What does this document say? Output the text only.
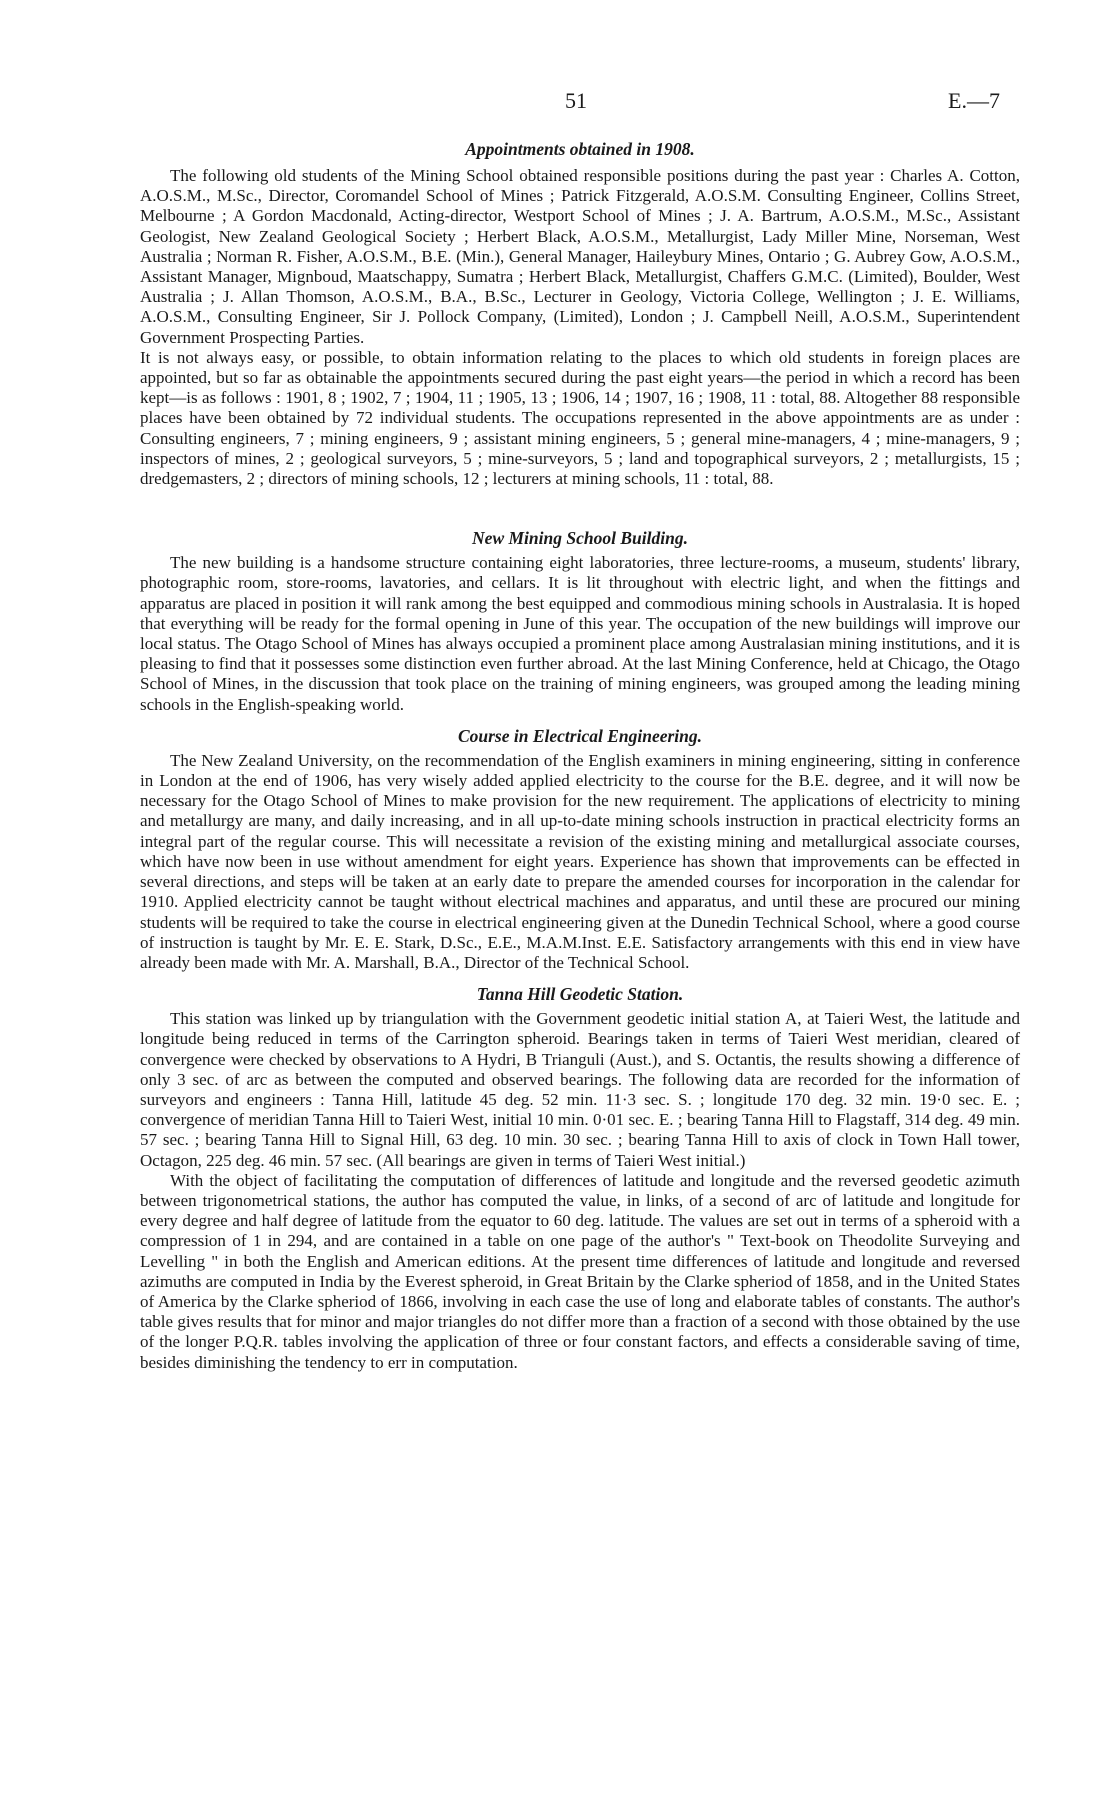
51	E.—7
Appointments obtained in 1908.

The following old students of the Mining School obtained responsible positions during the past year : Charles A. Cotton, A.O.S.M., M.Sc., Director, Coromandel School of Mines ; Patrick Fitzgerald, A.O.S.M. Consulting Engineer, Collins Street, Melbourne ; A Gordon Macdonald, Acting-director, Westport School of Mines ; J. A. Bartrum, A.O.S.M., M.Sc., Assistant Geologist, New Zealand Geological Society ; Herbert Black, A.O.S.M., Metallurgist, Lady Miller Mine, Norseman, West Australia ; Norman R. Fisher, A.O.S.M., B.E. (Min.), General Manager, Haileybury Mines, Ontario ; G. Aubrey Gow, A.O.S.M., Assistant Manager, Mignboud, Maatschappy, Sumatra ; Herbert Black, Metallurgist, Chaffers G.M.C. (Limited), Boulder, West Australia ; J. Allan Thomson, A.O.S.M., B.A., B.Sc., Lecturer in Geology, Victoria College, Wellington ; J. E. Williams, A.O.S.M., Consulting Engineer, Sir J. Pollock Company, (Limited), London ; J. Campbell Neill, A.O.S.M., Superintendent Government Prospecting Parties.

It is not always easy, or possible, to obtain information relating to the places to which old students in foreign places are appointed, but so far as obtainable the appointments secured during the past eight years—the period in which a record has been kept—is as follows : 1901, 8 ; 1902, 7 ; 1904, 11 ; 1905, 13 ; 1906, 14 ; 1907, 16 ; 1908, 11 : total, 88. Altogether 88 responsible places have been obtained by 72 individual students. The occupations represented in the above appointments are as under : Consulting engineers, 7 ; mining engineers, 9 ; assistant mining engineers, 5 ; general mine-managers, 4 ; mine-managers, 9 ; inspectors of mines, 2 ; geological surveyors, 5 ; mine-surveyors, 5 ; land and topographical surveyors, 2 ; metallurgists, 15 ; dredgemasters, 2 ; directors of mining schools, 12 ; lecturers at mining schools, 11 : total, 88.

New Mining School Building.

The new building is a handsome structure containing eight laboratories, three lecture-rooms, a museum, students' library, photographic room, store-rooms, lavatories, and cellars. It is lit throughout with electric light, and when the fittings and apparatus are placed in position it will rank among the best equipped and commodious mining schools in Australasia. It is hoped that everything will be ready for the formal opening in June of this year. The occupation of the new buildings will improve our local status. The Otago School of Mines has always occupied a prominent place among Australasian mining institutions, and it is pleasing to find that it possesses some distinction even further abroad. At the last Mining Conference, held at Chicago, the Otago School of Mines, in the discussion that took place on the training of mining engineers, was grouped among the leading mining schools in the English-speaking world.

Course in Electrical Engineering.

The New Zealand University, on the recommendation of the English examiners in mining engineering, sitting in conference in London at the end of 1906, has very wisely added applied electricity to the course for the B.E. degree, and it will now be necessary for the Otago School of Mines to make provision for the new requirement. The applications of electricity to mining and metallurgy are many, and daily increasing, and in all up-to-date mining schools instruction in practical electricity forms an integral part of the regular course. This will necessitate a revision of the existing mining and metallurgical associate courses, which have now been in use without amendment for eight years. Experience has shown that improvements can be effected in several directions, and steps will be taken at an early date to prepare the amended courses for incorporation in the calendar for 1910. Applied electricity cannot be taught without electrical machines and apparatus, and until these are procured our mining students will be required to take the course in electrical engineering given at the Dunedin Technical School, where a good course of instruction is taught by Mr. E. E. Stark, D.Sc., E.E., M.A.M.Inst. E.E. Satisfactory arrangements with this end in view have already been made with Mr. A. Marshall, B.A., Director of the Technical School.

Tanna Hill Geodetic Station.

This station was linked up by triangulation with the Government geodetic initial station A, at Taieri West, the latitude and longitude being reduced in terms of the Carrington spheroid. Bearings taken in terms of Taieri West meridian, cleared of convergence were checked by observations to A Hydri, B Trianguli (Aust.), and S. Octantis, the results showing a difference of only 3 sec. of arc as between the computed and observed bearings. The following data are recorded for the information of surveyors and engineers : Tanna Hill, latitude 45 deg. 52 min. 11·3 sec. S. ; longitude 170 deg. 32 min. 19·0 sec. E. ; convergence of meridian Tanna Hill to Taieri West, initial 10 min. 0·01 sec. E. ; bearing Tanna Hill to Flagstaff, 314 deg. 49 min. 57 sec. ; bearing Tanna Hill to Signal Hill, 63 deg. 10 min. 30 sec. ; bearing Tanna Hill to axis of clock in Town Hall tower, Octagon, 225 deg. 46 min. 57 sec. (All bearings are given in terms of Taieri West initial.)

With the object of facilitating the computation of differences of latitude and longitude and the reversed geodetic azimuth between trigonometrical stations, the author has computed the value, in links, of a second of arc of latitude and longitude for every degree and half degree of latitude from the equator to 60 deg. latitude. The values are set out in terms of a spheroid with a compression of 1 in 294, and are contained in a table on one page of the author's " Text-book on Theodolite Surveying and Levelling " in both the English and American editions. At the present time differences of latitude and longitude and reversed azimuths are computed in India by the Everest spheroid, in Great Britain by the Clarke spheriod of 1858, and in the United States of America by the Clarke spheriod of 1866, involving in each case the use of long and elaborate tables of constants. The author's table gives results that for minor and major triangles do not differ more than a fraction of a second with those obtained by the use of the longer P.Q.R. tables involving the application of three or four constant factors, and effects a considerable saving of time, besides diminishing the tendency to err in computation.
